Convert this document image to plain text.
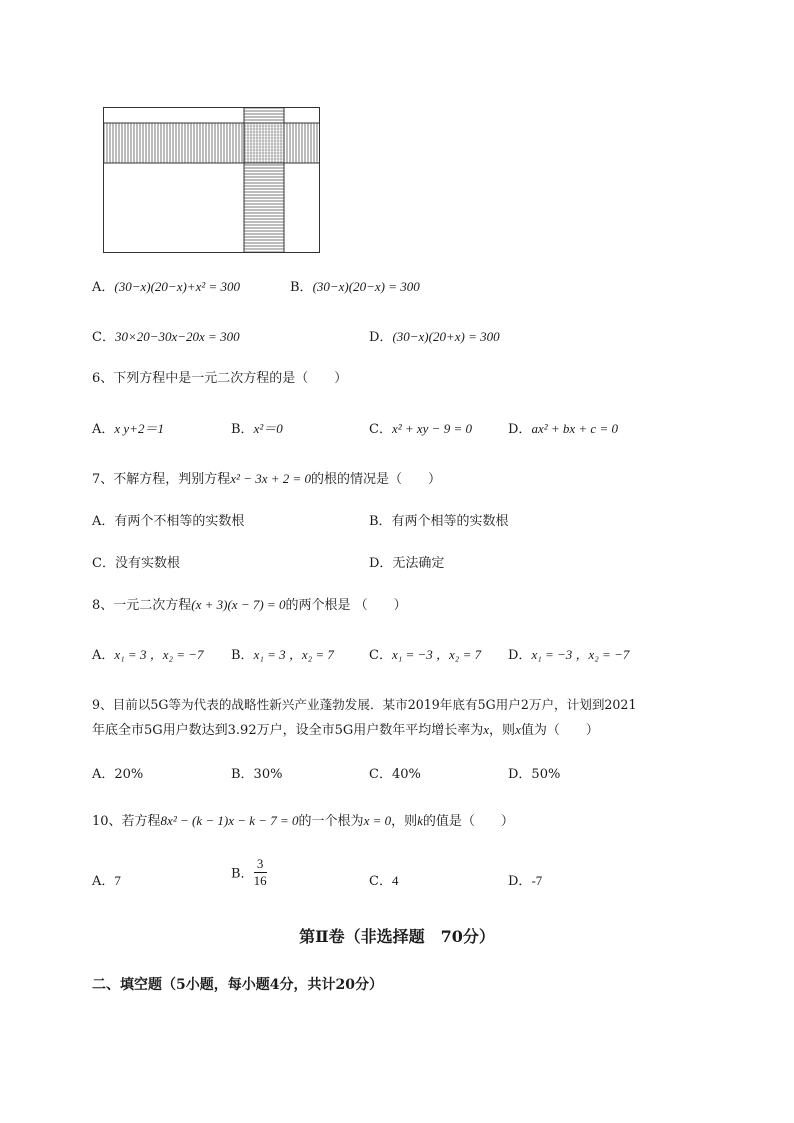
A．(30−x)(20−x)+x² = 300	B．(30−x)(20−x) = 300
C．30×20−30x−20x = 300	D．(30−x)(20+x) = 300
6、下列方程中是一元二次方程的是（　　）
A．x y+2＝1	B．x²＝0	C．x² + xy − 9 = 0	D．ax² + bx + c = 0
7、不解方程，判别方程x² − 3x + 2 = 0的根的情况是（　　）
A．有两个不相等的实数根	B．有两个相等的实数根
C．没有实数根	D．无法确定
8、一元二次方程(x + 3)(x − 7) = 0的两个根是 （　　）
A．x₁ = 3 ，x₂ = −7 B．x₁ = 3 ，x₂ = 7	C．x₁ = −3 ，x₂ = 7 D．x₁ = −3 ，x₂ = −7
9、目前以5G等为代表的战略性新兴产业蓬勃发展．某市2019年底有5G用户2万户，计划到2021
年底全市5G用户数达到3.92万户，设全市5G用户数年平均增长率为x，则x值为（　　）
A．20%	B．30%	C．40%	D．50%
10、若方程8x² − (k − 1)x − k − 7 = 0的一个根为x = 0，则k的值是（　　）
A．7	B． $\frac{3}{16}$	C．4	D．-7
第Ⅱ卷（非选择题　70分）
二、填空题（5小题，每小题4分，共计20分）
